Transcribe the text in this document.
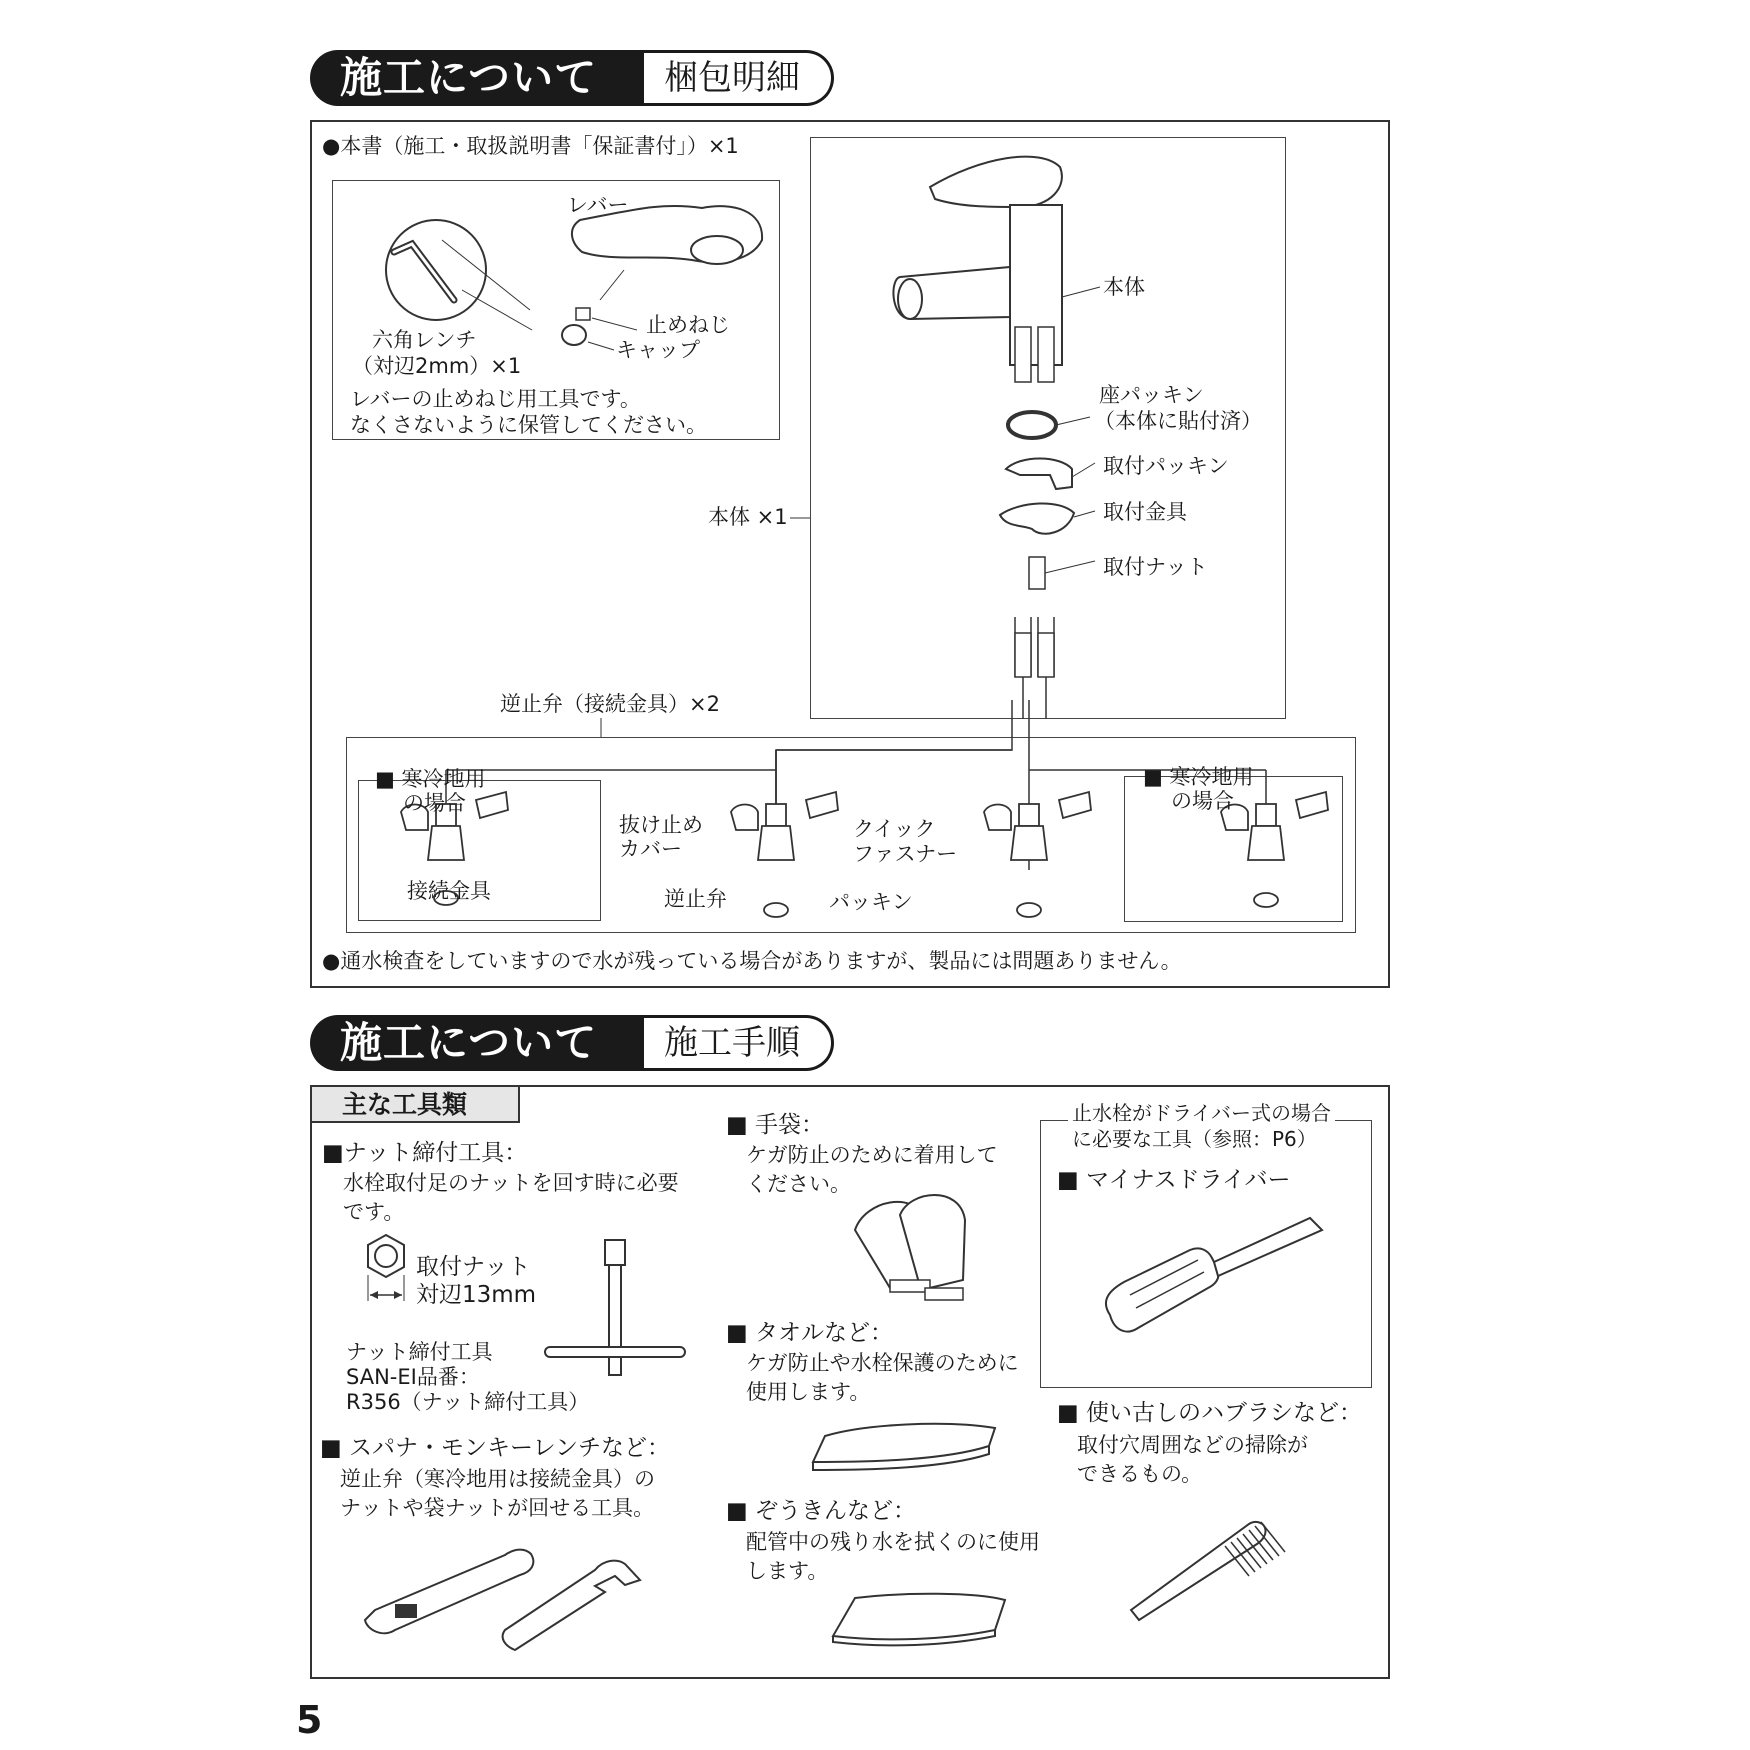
施工について	梱包明細
●本書（施工・取扱説明書「保証書付」）×1
レバー
止めねじ
キャップ
六角レンチ
（対辺2mm）×1
レバーの止めねじ用工具です。
なくさないように保管してください。
本体
座パッキン
（本体に貼付済）
取付パッキン
取付金具
取付ナット
本体 ×1
逆止弁（接続金具）×2
■ 寒冷地用
の場合
■ 寒冷地用
の場合
抜け止め
カバー
クイック
ファスナー
接続金具	逆止弁	パッキン
●通水検査をしていますので水が残っている場合がありますが、製品には問題ありません。
施工について	施工手順
主な工具類
■ナット締付工具：
水栓取付足のナットを回す時に必要
です。
取付ナット
対辺13mm
ナット締付工具
SAN-EI品番：
R356（ナット締付工具）
■ スパナ・モンキーレンチなど：
逆止弁（寒冷地用は接続金具）の
ナットや袋ナットが回せる工具。
■ 手袋：
ケガ防止のために着用して
ください。
■ タオルなど：
ケガ防止や水栓保護のために
使用します。
■ ぞうきんなど：
配管中の残り水を拭くのに使用
します。
止水栓がドライバー式の場合
に必要な工具（参照：P6）
■ マイナスドライバー
■ 使い古しのハブラシなど：
取付穴周囲などの掃除が
できるもの。
5
